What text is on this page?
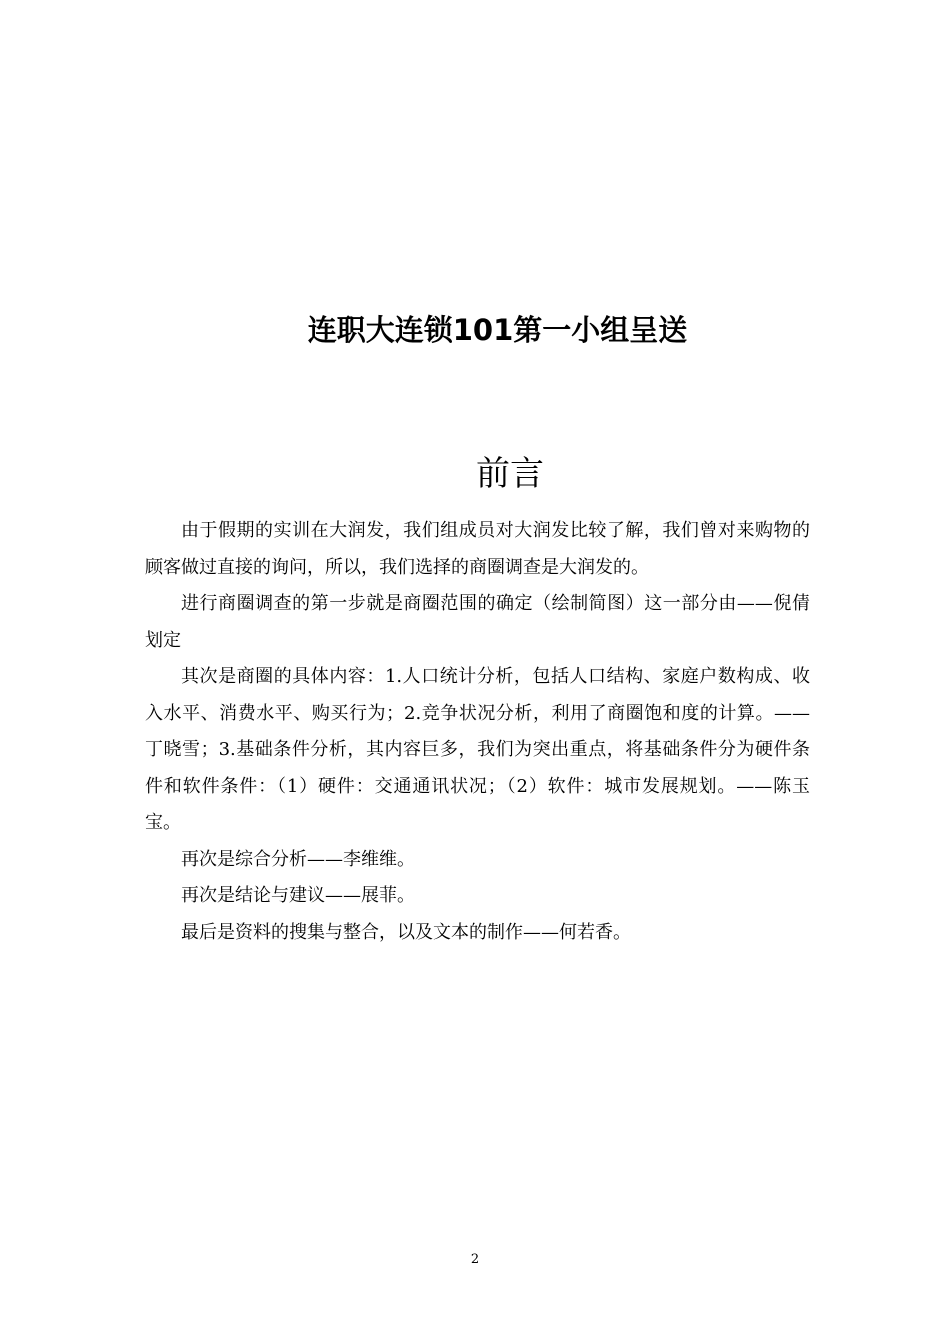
连职大连锁101第一小组呈送
前言

由于假期的实训在大润发，我们组成员对大润发比较了解，我们曾对来购物的顾客做过直接的询问，所以，我们选择的商圈调查是大润发的。

进行商圈调查的第一步就是商圈范围的确定（绘制简图）这一部分由——倪倩划定

其次是商圈的具体内容：1.人口统计分析，包括人口结构、家庭户数构成、收入水平、消费水平、购买行为；2.竞争状况分析，利用了商圈饱和度的计算。——丁晓雪；3.基础条件分析，其内容巨多，我们为突出重点，将基础条件分为硬件条件和软件条件：（1）硬件：交通通讯状况；（2）软件：城市发展规划。——陈玉宝。

再次是综合分析——李维维。

再次是结论与建议——展菲。

最后是资料的搜集与整合，以及文本的制作——何若香。

2
